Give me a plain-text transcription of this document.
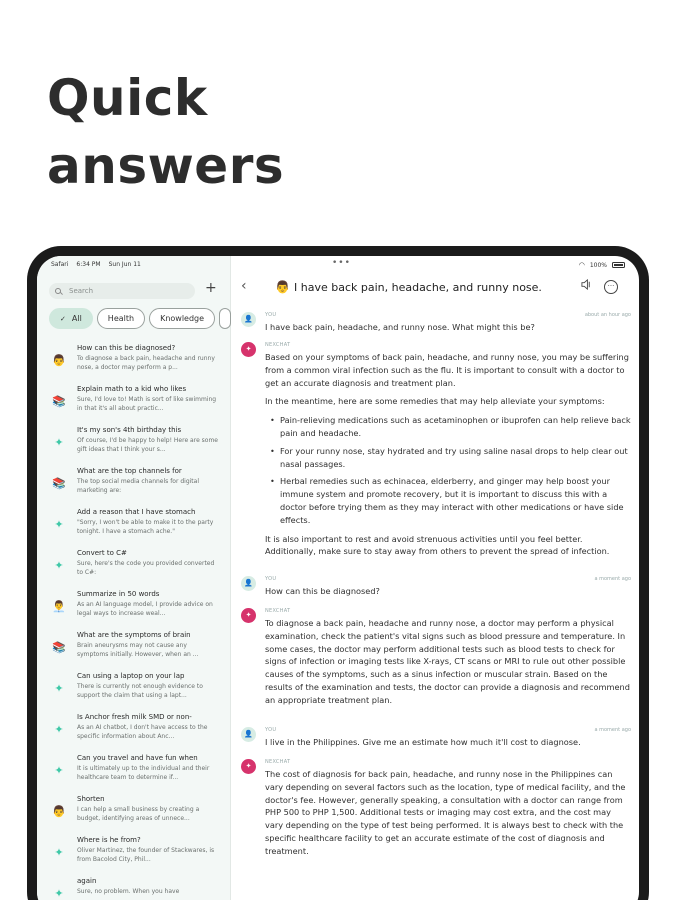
Quick
answers
Search	+
✓ All	Health	Knowledge
👨
How can this be diagnosed?
To diagnose a back pain, headache and runny nose, a doctor may perform a p...
📚
Explain math to a kid who likes
Sure, I'd love to! Math is sort of like swimming in that it's all about practic...
✦
It's my son's 4th birthday this
Of course, I'd be happy to help! Here are some gift ideas that I think your s...
📚
What are the top channels for
The top social media channels for digital marketing are:
✦
Add a reason that I have stomach
"Sorry, I won't be able to make it to the party tonight. I have a stomach ache."
✦
Convert to C#
Sure, here's the code you provided converted to C#:
👨‍💼
Summarize in 50 words
As an AI language model, I provide advice on legal ways to increase weal...
📚
What are the symptoms of brain
Brain aneurysms may not cause any symptoms initially. However, when an ...
✦
Can using a laptop on your lap
There is currently not enough evidence to support the claim that using a lapt...
✦
Is Anchor fresh milk SMD or non-
As an AI chatbot, I don't have access to the specific information about Anc...
✦
Can you travel and have fun when
It is ultimately up to the individual and their healthcare team to determine if...
👨
Shorten
I can help a small business by creating a budget, identifying areas of unnece...
✦
Where is he from?
Oliver Martinez, the founder of Stackwares, is from Bacolod City, Phil...
✦
again
Sure, no problem. When you have
Safari 6:34 PM Sun Jun 11	•••	◠ 100%
‹ 👨 I have back pain, headache, and runny nose.	···
👤	YOU	about an hour ago
I have back pain, headache, and runny nose. What might this be?
✦	NEXCHAT

Based on your symptoms of back pain, headache, and runny nose, you may be suffering from a common viral infection such as the flu. It is important to consult with a doctor to get an accurate diagnosis and treatment plan.

In the meantime, here are some remedies that may help alleviate your symptoms:

• Pain-relieving medications such as acetaminophen or ibuprofen can help relieve back pain and headache.
• For your runny nose, stay hydrated and try using saline nasal drops to help clear out nasal passages.
• Herbal remedies such as echinacea, elderberry, and ginger may help boost your immune system and promote recovery, but it is important to discuss this with a doctor before trying them as they may interact with other medications or have side effects.

It is also important to rest and avoid strenuous activities until you feel better. Additionally, make sure to stay away from others to prevent the spread of infection.

👤	YOU	a moment ago
How can this be diagnosed?
✦	NEXCHAT
To diagnose a back pain, headache and runny nose, a doctor may perform a physical examination, check the patient's vital signs such as blood pressure and temperature. In some cases, the doctor may perform additional tests such as blood tests to check for signs of infection or imaging tests like X-rays, CT scans or MRI to rule out other possible causes of the symptoms, such as a sinus infection or muscular strain. Based on the results of the examination and tests, the doctor can provide a diagnosis and recommend an appropriate treatment plan.
👤	YOU	a moment ago
I live in the Philippines. Give me an estimate how much it'll cost to diagnose.
✦	NEXCHAT
The cost of diagnosis for back pain, headache, and runny nose in the Philippines can vary depending on several factors such as the location, type of medical facility, and the doctor's fee. However, generally speaking, a consultation with a doctor can range from PHP 500 to PHP 1,500. Additional tests or imaging may cost extra, and the cost may vary depending on the type of test being performed. It is always best to check with the specific healthcare facility to get an accurate estimate of the cost of diagnosis and treatment.
